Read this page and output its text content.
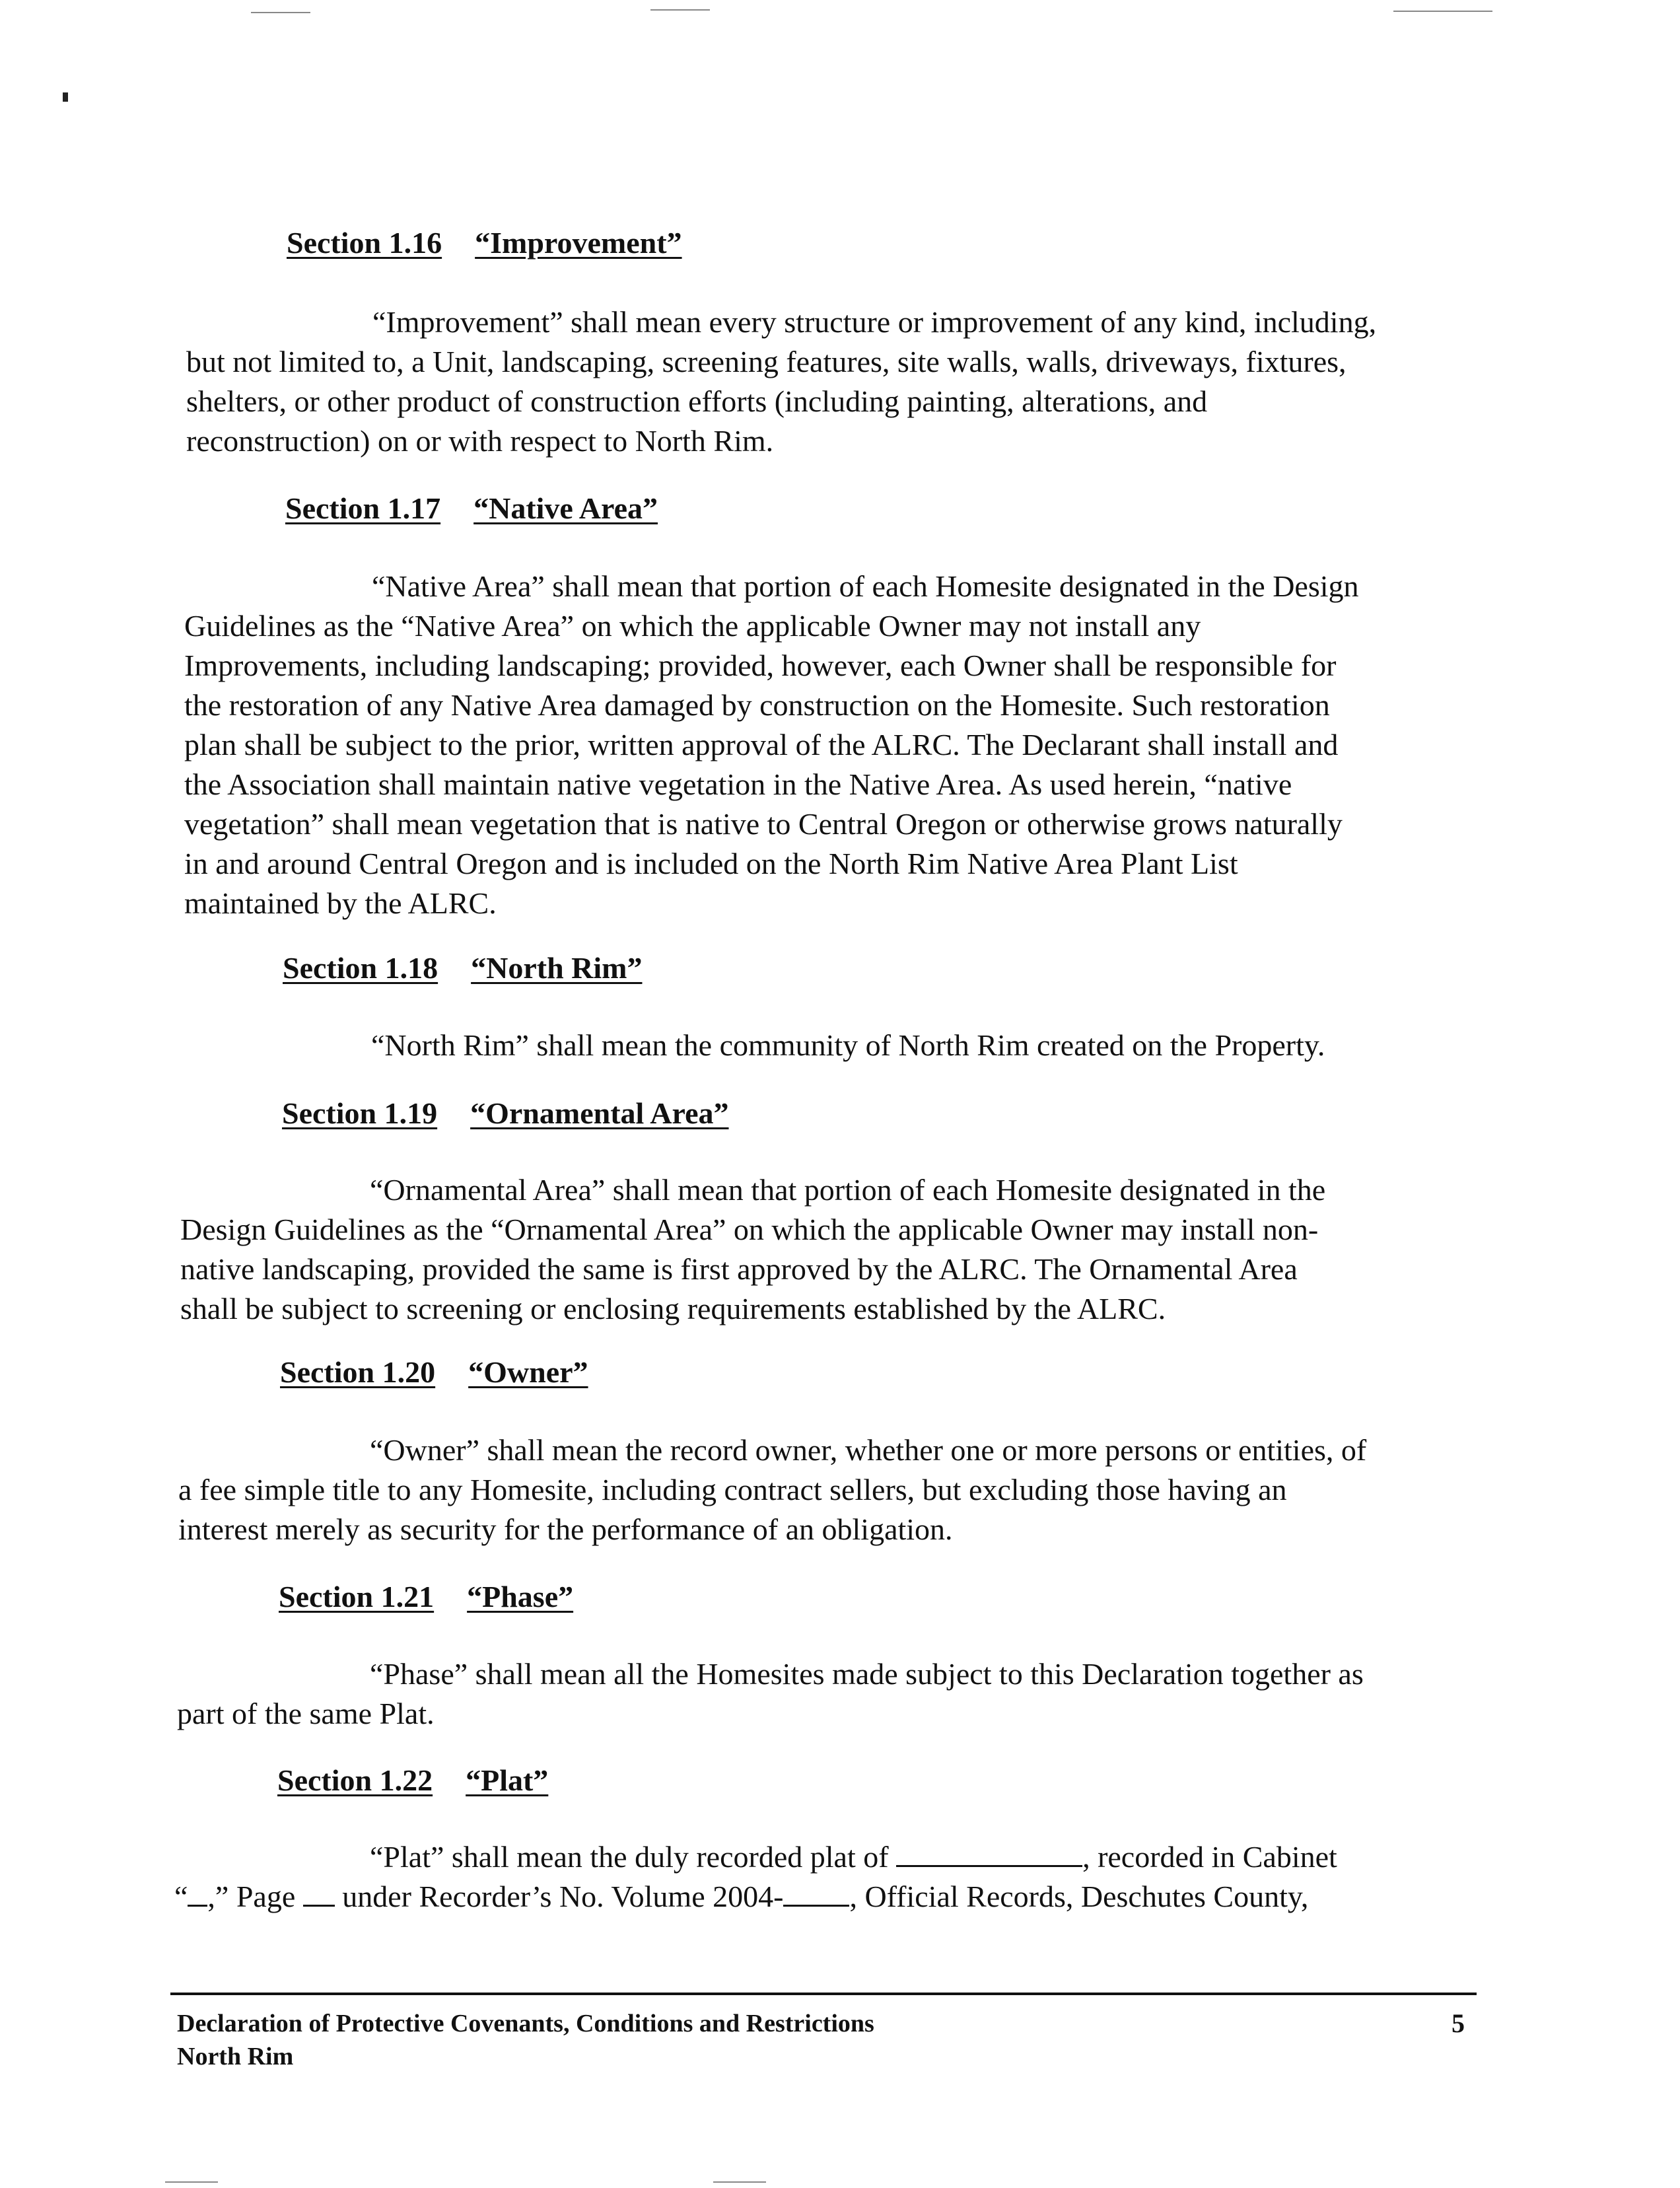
Section 1.16 “Improvement”
“Improvement” shall mean every structure or improvement of any kind, including,
but not limited to, a Unit, landscaping, screening features, site walls, walls, driveways, fixtures,
shelters, or other product of construction efforts (including painting, alterations, and
reconstruction) on or with respect to North Rim.
Section 1.17 “Native Area”
“Native Area” shall mean that portion of each Homesite designated in the Design
Guidelines as the “Native Area” on which the applicable Owner may not install any
Improvements, including landscaping; provided, however, each Owner shall be responsible for
the restoration of any Native Area damaged by construction on the Homesite. Such restoration
plan shall be subject to the prior, written approval of the ALRC. The Declarant shall install and
the Association shall maintain native vegetation in the Native Area. As used herein, “native
vegetation” shall mean vegetation that is native to Central Oregon or otherwise grows naturally
in and around Central Oregon and is included on the North Rim Native Area Plant List
maintained by the ALRC.
Section 1.18 “North Rim”
“North Rim” shall mean the community of North Rim created on the Property.
Section 1.19 “Ornamental Area”
“Ornamental Area” shall mean that portion of each Homesite designated in the
Design Guidelines as the “Ornamental Area” on which the applicable Owner may install non-
native landscaping, provided the same is first approved by the ALRC. The Ornamental Area
shall be subject to screening or enclosing requirements established by the ALRC.
Section 1.20 “Owner”
“Owner” shall mean the record owner, whether one or more persons or entities, of
a fee simple title to any Homesite, including contract sellers, but excluding those having an
interest merely as security for the performance of an obligation.
Section 1.21 “Phase”
“Phase” shall mean all the Homesites made subject to this Declaration together as
part of the same Plat.
Section 1.22 “Plat”
“Plat” shall mean the duly recorded plat of	, recorded in Cabinet
“ ,” Page under Recorder’s No. Volume 2004- , Official Records, Deschutes County,

Declaration of Protective Covenants, Conditions and Restrictions

North Rim

5
